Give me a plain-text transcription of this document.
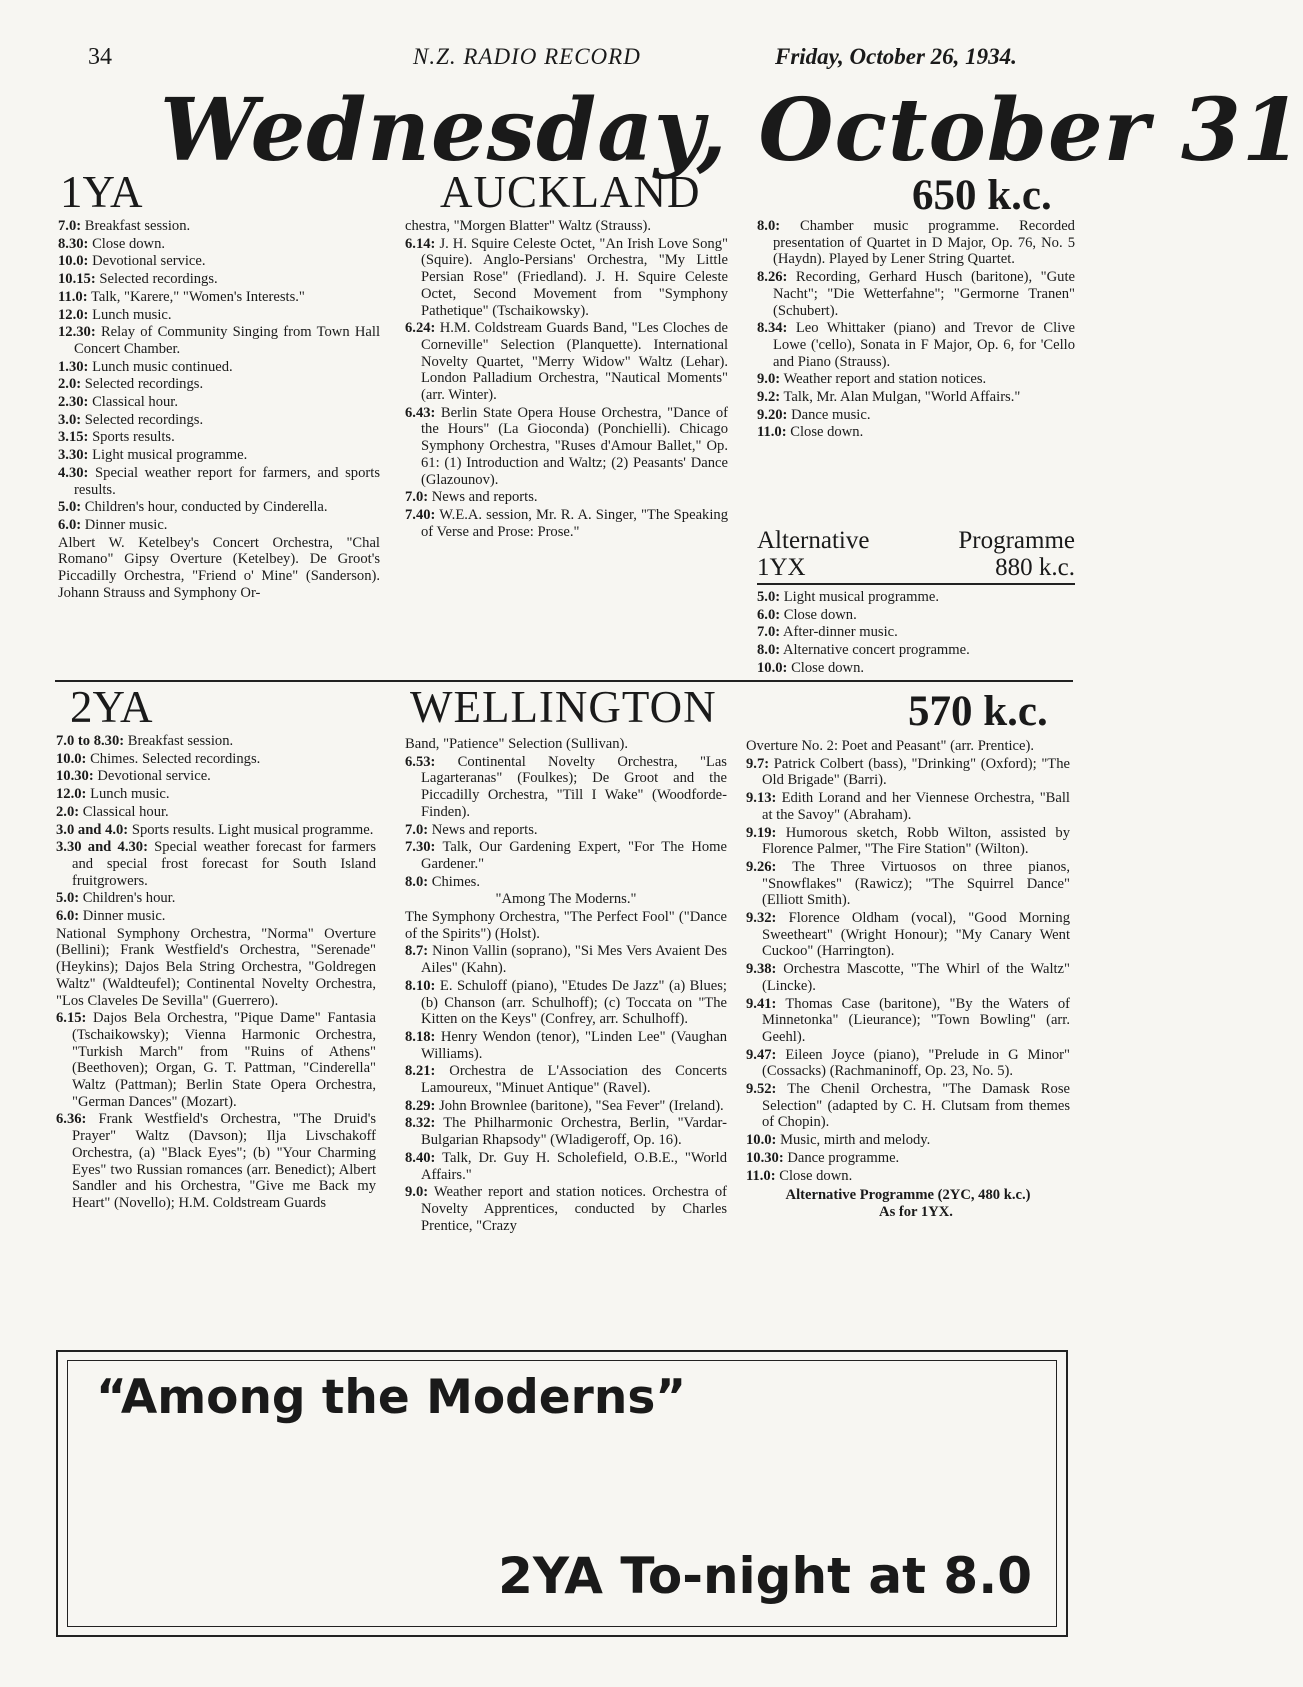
34	N.Z. RADIO RECORD	Friday, October 26, 1934.
Wednesday, October 31
1YA	AUCKLAND	650 k.c.
7.0: Breakfast session.
8.30: Close down.
10.0: Devotional service.
10.15: Selected recordings.
11.0: Talk, "Karere," "Women's Interests."
12.0: Lunch music.
12.30: Relay of Community Singing from Town Hall Concert Chamber.
1.30: Lunch music continued.
2.0: Selected recordings.
2.30: Classical hour.
3.0: Selected recordings.
3.15: Sports results.
3.30: Light musical programme.
4.30: Special weather report for farmers, and sports results.
5.0: Children's hour, conducted by Cinderella.
6.0: Dinner music.
Albert W. Ketelbey's Concert Orchestra, "Chal Romano" Gipsy Overture (Ketelbey). De Groot's Piccadilly Orchestra, "Friend o' Mine" (Sanderson). Johann Strauss and Symphony Or-
chestra, "Morgen Blatter" Waltz (Strauss).
6.14: J. H. Squire Celeste Octet, "An Irish Love Song" (Squire). Anglo-Persians' Orchestra, "My Little Persian Rose" (Friedland). J. H. Squire Celeste Octet, Second Movement from "Symphony Pathetique" (Tschaikowsky).
6.24: H.M. Coldstream Guards Band, "Les Cloches de Corneville" Selection (Planquette). International Novelty Quartet, "Merry Widow" Waltz (Lehar). London Palladium Orchestra, "Nautical Moments" (arr. Winter).
6.43: Berlin State Opera House Orchestra, "Dance of the Hours" (La Gioconda) (Ponchielli). Chicago Symphony Orchestra, "Ruses d'Amour Ballet," Op. 61: (1) Introduction and Waltz; (2) Peasants' Dance (Glazounov).
7.0: News and reports.
7.40: W.E.A. session, Mr. R. A. Singer, "The Speaking of Verse and Prose: Prose."
8.0: Chamber music programme. Recorded presentation of Quartet in D Major, Op. 76, No. 5 (Haydn). Played by Lener String Quartet.
8.26: Recording, Gerhard Husch (baritone), "Gute Nacht"; "Die Wetterfahne"; "Germorne Tranen" (Schubert).
8.34: Leo Whittaker (piano) and Trevor de Clive Lowe ('cello), Sonata in F Major, Op. 6, for 'Cello and Piano (Strauss).
9.0: Weather report and station notices.
9.2: Talk, Mr. Alan Mulgan, "World Affairs."
9.20: Dance music.
11.0: Close down.
Alternative	Programme
1YX	880 k.c.
5.0: Light musical programme.
6.0: Close down.
7.0: After-dinner music.
8.0: Alternative concert programme.
10.0: Close down.
2YA	WELLINGTON	570 k.c.
7.0 to 8.30: Breakfast session.
10.0: Chimes. Selected recordings.
10.30: Devotional service.
12.0: Lunch music.
2.0: Classical hour.
3.0 and 4.0: Sports results. Light musical programme.
3.30 and 4.30: Special weather forecast for farmers and special frost forecast for South Island fruitgrowers.
5.0: Children's hour.
6.0: Dinner music.
National Symphony Orchestra, "Norma" Overture (Bellini); Frank Westfield's Orchestra, "Serenade" (Heykins); Dajos Bela String Orchestra, "Goldregen Waltz" (Waldteufel); Continental Novelty Orchestra, "Los Claveles De Sevilla" (Guerrero).
6.15: Dajos Bela Orchestra, "Pique Dame" Fantasia (Tschaikowsky); Vienna Harmonic Orchestra, "Turkish March" from "Ruins of Athens" (Beethoven); Organ, G. T. Pattman, "Cinderella" Waltz (Pattman); Berlin State Opera Orchestra, "German Dances" (Mozart).
6.36: Frank Westfield's Orchestra, "The Druid's Prayer" Waltz (Davson); Ilja Livschakoff Orchestra, (a) "Black Eyes"; (b) "Your Charming Eyes" two Russian romances (arr. Benedict); Albert Sandler and his Orchestra, "Give me Back my Heart" (Novello); H.M. Coldstream Guards
Band, "Patience" Selection (Sullivan).
6.53: Continental Novelty Orchestra, "Las Lagarteranas" (Foulkes); De Groot and the Piccadilly Orchestra, "Till I Wake" (Woodforde-Finden).
7.0: News and reports.
7.30: Talk, Our Gardening Expert, "For The Home Gardener."
8.0: Chimes.
"Among The Moderns."
The Symphony Orchestra, "The Perfect Fool" ("Dance of the Spirits") (Holst).
8.7: Ninon Vallin (soprano), "Si Mes Vers Avaient Des Ailes" (Kahn).
8.10: E. Schuloff (piano), "Etudes De Jazz" (a) Blues; (b) Chanson (arr. Schulhoff); (c) Toccata on "The Kitten on the Keys" (Confrey, arr. Schulhoff).
8.18: Henry Wendon (tenor), "Linden Lee" (Vaughan Williams).
8.21: Orchestra de L'Association des Concerts Lamoureux, "Minuet Antique" (Ravel).
8.29: John Brownlee (baritone), "Sea Fever" (Ireland).
8.32: The Philharmonic Orchestra, Berlin, "Vardar-Bulgarian Rhapsody" (Wladigeroff, Op. 16).
8.40: Talk, Dr. Guy H. Scholefield, O.B.E., "World Affairs."
9.0: Weather report and station notices. Orchestra of Novelty Apprentices, conducted by Charles Prentice, "Crazy
Overture No. 2: Poet and Peasant" (arr. Prentice).
9.7: Patrick Colbert (bass), "Drinking" (Oxford); "The Old Brigade" (Barri).
9.13: Edith Lorand and her Viennese Orchestra, "Ball at the Savoy" (Abraham).
9.19: Humorous sketch, Robb Wilton, assisted by Florence Palmer, "The Fire Station" (Wilton).
9.26: The Three Virtuosos on three pianos, "Snowflakes" (Rawicz); "The Squirrel Dance" (Elliott Smith).
9.32: Florence Oldham (vocal), "Good Morning Sweetheart" (Wright Honour); "My Canary Went Cuckoo" (Harrington).
9.38: Orchestra Mascotte, "The Whirl of the Waltz" (Lincke).
9.41: Thomas Case (baritone), "By the Waters of Minnetonka" (Lieurance); "Town Bowling" (arr. Geehl).
9.47: Eileen Joyce (piano), "Prelude in G Minor" (Cossacks) (Rachmaninoff, Op. 23, No. 5).
9.52: The Chenil Orchestra, "The Damask Rose Selection" (adapted by C. H. Clutsam from themes of Chopin).
10.0: Music, mirth and melody.
10.30: Dance programme.
11.0: Close down.
Alternative Programme (2YC, 480 k.c.)
As for 1YX.
“Among the Moderns”
2YA To-night at 8.0
